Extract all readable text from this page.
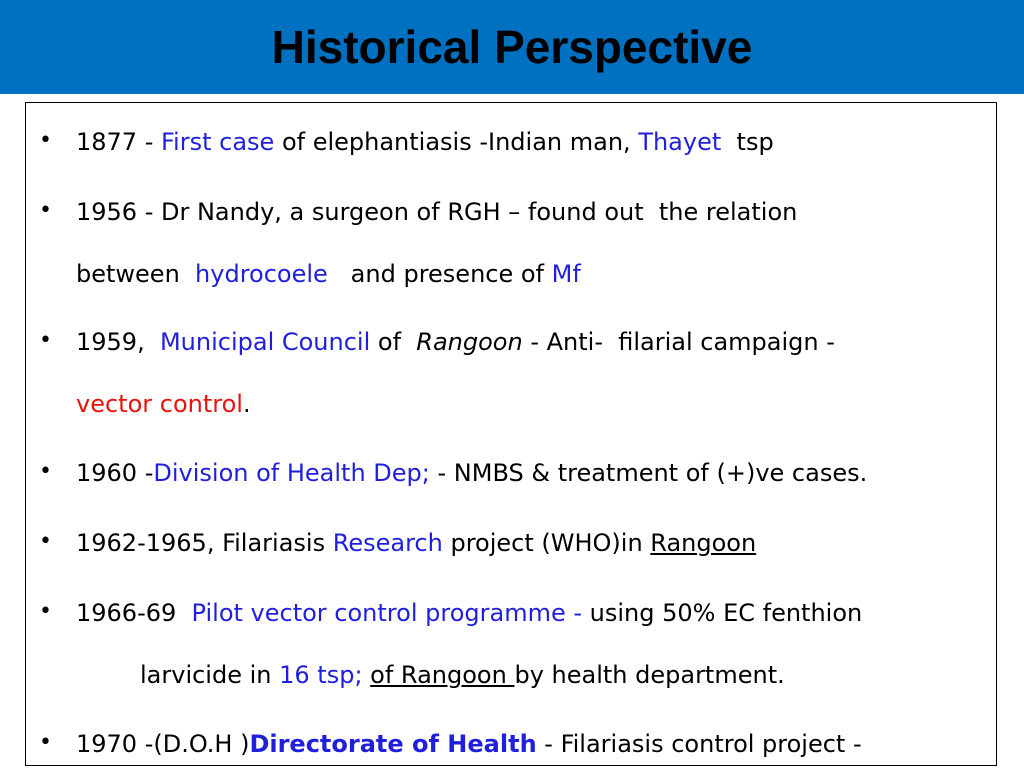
Historical Perspective
• 1877 - First case of elephantiasis -Indian man, Thayet  tsp
• 1956 - Dr Nandy, a surgeon of RGH – found out  the relation
between  hydrocoele   and presence of Mf
• 1959,  Municipal Council of  Rangoon - Anti-  filarial campaign -
vector control.
• 1960 -Division of Health Dep; - NMBS & treatment of (+)ve cases.
• 1962-1965, Filariasis Research project (WHO)in Rangoon
• 1966-69  Pilot vector control programme - using 50% EC fenthion
larvicide in 16 tsp; of Rangoon by health department.
• 1970 -(D.O.H )Directorate of Health - Filariasis control project -
